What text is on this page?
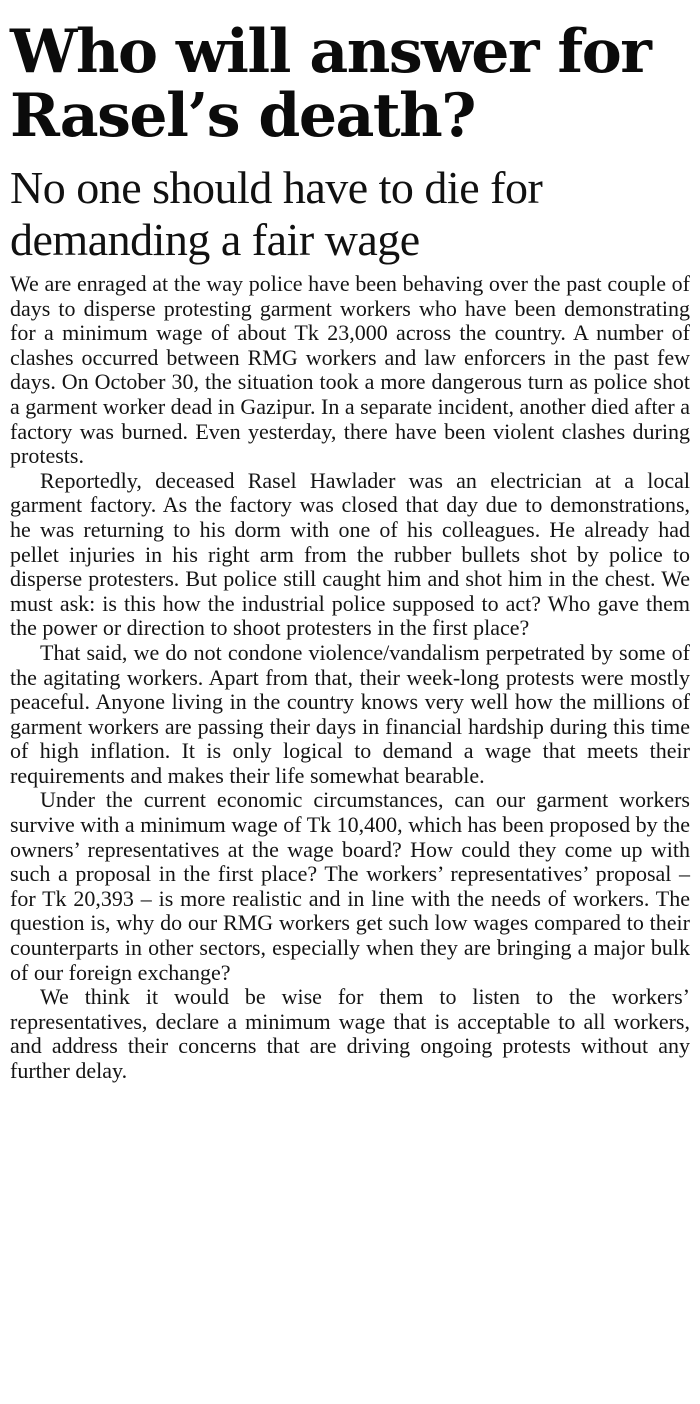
Who will answer for Rasel’s death?
No one should have to die for demanding a fair wage

We are enraged at the way police have been behaving over the past couple of days to disperse protesting garment workers who have been demonstrating for a minimum wage of about Tk 23,000 across the country. A number of clashes occurred between RMG workers and law enforcers in the past few days. On October 30, the situation took a more dangerous turn as police shot a garment worker dead in Gazipur. In a separate incident, another died after a factory was burned. Even yesterday, there have been violent clashes during protests.

Reportedly, deceased Rasel Hawlader was an electrician at a local garment factory. As the factory was closed that day due to demonstrations, he was returning to his dorm with one of his colleagues. He already had pellet injuries in his right arm from the rubber bullets shot by police to disperse protesters. But police still caught him and shot him in the chest. We must ask: is this how the industrial police supposed to act? Who gave them the power or direction to shoot protesters in the first place?

That said, we do not condone violence/vandalism perpetrated by some of the agitating workers. Apart from that, their week-long protests were mostly peaceful. Anyone living in the country knows very well how the millions of garment workers are passing their days in financial hardship during this time of high inflation. It is only logical to demand a wage that meets their requirements and makes their life somewhat bearable.

Under the current economic circumstances, can our garment workers survive with a minimum wage of Tk 10,400, which has been proposed by the owners’ representatives at the wage board? How could they come up with such a proposal in the first place? The workers’ representatives’ proposal – for Tk 20,393 – is more realistic and in line with the needs of workers. The question is, why do our RMG workers get such low wages compared to their counterparts in other sectors, especially when they are bringing a major bulk of our foreign exchange?

We think it would be wise for them to listen to the workers’ representatives, declare a minimum wage that is acceptable to all workers, and address their concerns that are driving ongoing protests without any further delay.
